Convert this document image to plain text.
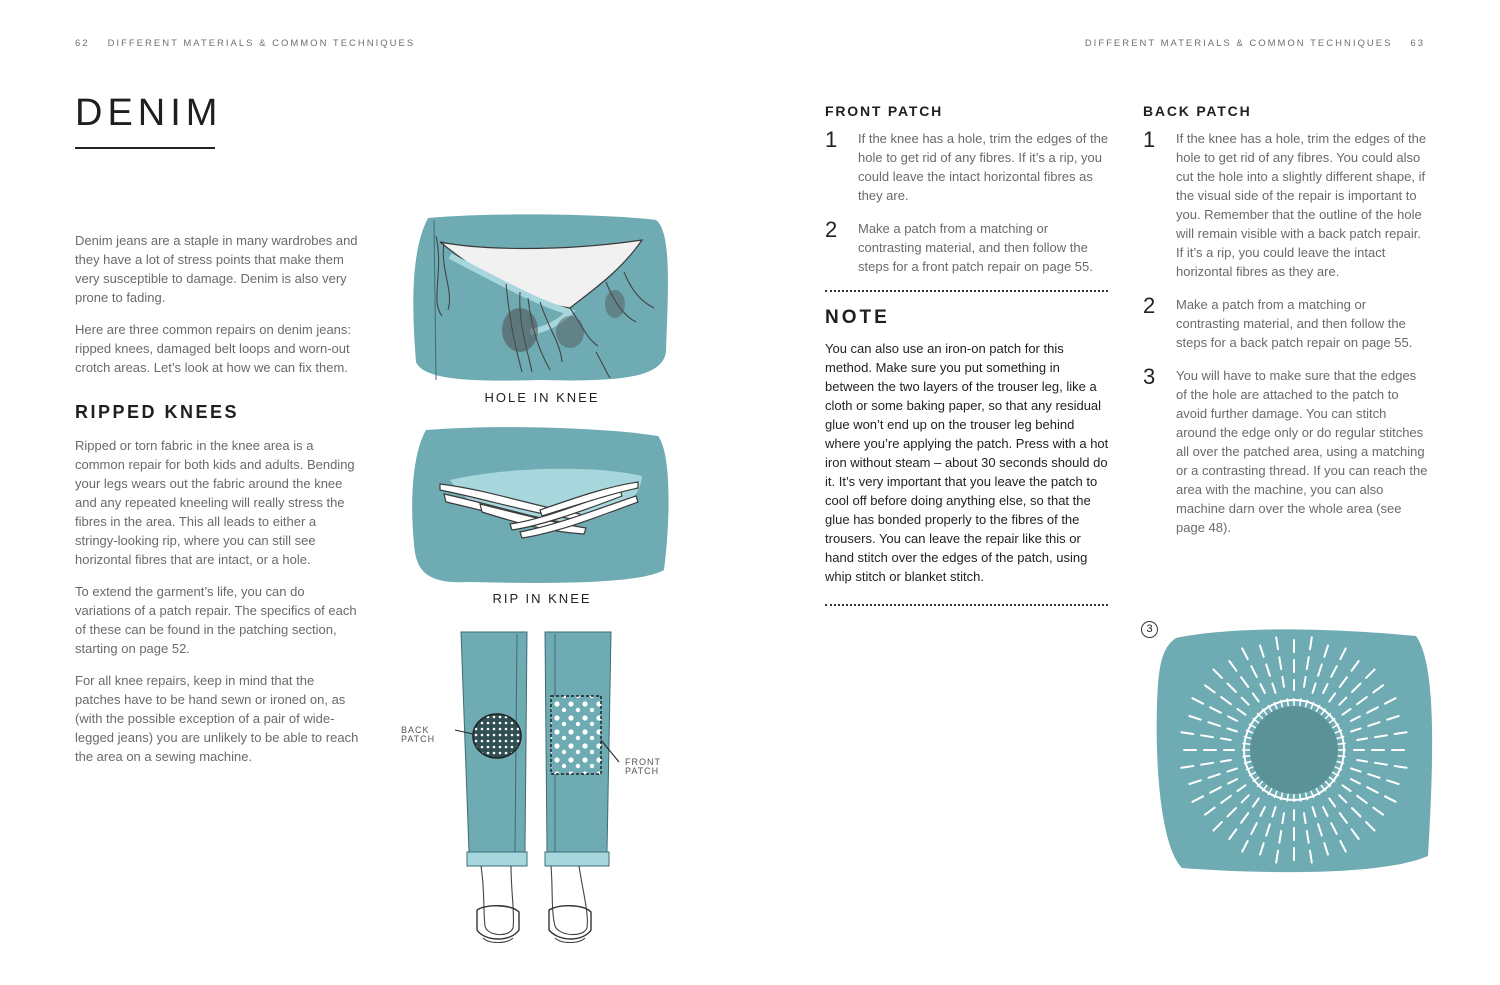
62 DIFFERENT MATERIALS & COMMON TECHNIQUES	DIFFERENT MATERIALS & COMMON TECHNIQUES 63
DENIM

Denim jeans are a staple in many wardrobes and they have a lot of stress points that make them very susceptible to damage. Denim is also very prone to fading.

Here are three common repairs on denim jeans: ripped knees, damaged belt loops and worn-out crotch areas. Let’s look at how we can fix them.

RIPPED KNEES

Ripped or torn fabric in the knee area is a common repair for both kids and adults. Bending your legs wears out the fabric around the knee and any repeated kneeling will really stress the fibres in the area. This all leads to either a stringy-looking rip, where you can still see horizontal fibres that are intact, or a hole.

To extend the garment’s life, you can do variations of a patch repair. The specifics of each of these can be found in the patching section, starting on page 52.

For all knee repairs, keep in mind that the patches have to be hand sewn or ironed on, as (with the possible exception of a pair of wide-legged jeans) you are unlikely to be able to reach the area on a sewing machine.

HOLE IN KNEE
RIP IN KNEE
BACK
PATCH
FRONT
PATCH
FRONT PATCH
1	If the knee has a hole, trim the edges of the hole to get rid of any fibres. If it’s a rip, you could leave the intact horizontal fibres as they are.
2	Make a patch from a matching or contrasting material, and then follow the steps for a front patch repair on page 55.
NOTE

You can also use an iron-on patch for this method. Make sure you put something in between the two layers of the trouser leg, like a cloth or some baking paper, so that any residual glue won’t end up on the trouser leg behind where you’re applying the patch. Press with a hot iron without steam – about 30 seconds should do it. It’s very important that you leave the patch to cool off before doing anything else, so that the glue has bonded properly to the fibres of the trousers. You can leave the repair like this or hand stitch over the edges of the patch, using whip stitch or blanket stitch.

BACK PATCH
1	If the knee has a hole, trim the edges of the hole to get rid of any fibres. You could also cut the hole into a slightly different shape, if the visual side of the repair is important to you. Remember that the outline of the hole will remain visible with a back patch repair. If it’s a rip, you could leave the intact horizontal fibres as they are.
2	Make a patch from a matching or contrasting material, and then follow the steps for a back patch repair on page 55.
3	You will have to make sure that the edges of the hole are attached to the patch to avoid further damage. You can stitch around the edge only or do regular stitches all over the patched area, using a matching or a contrasting thread. If you can reach the area with the machine, you can also machine darn over the whole area (see page 48).
3
